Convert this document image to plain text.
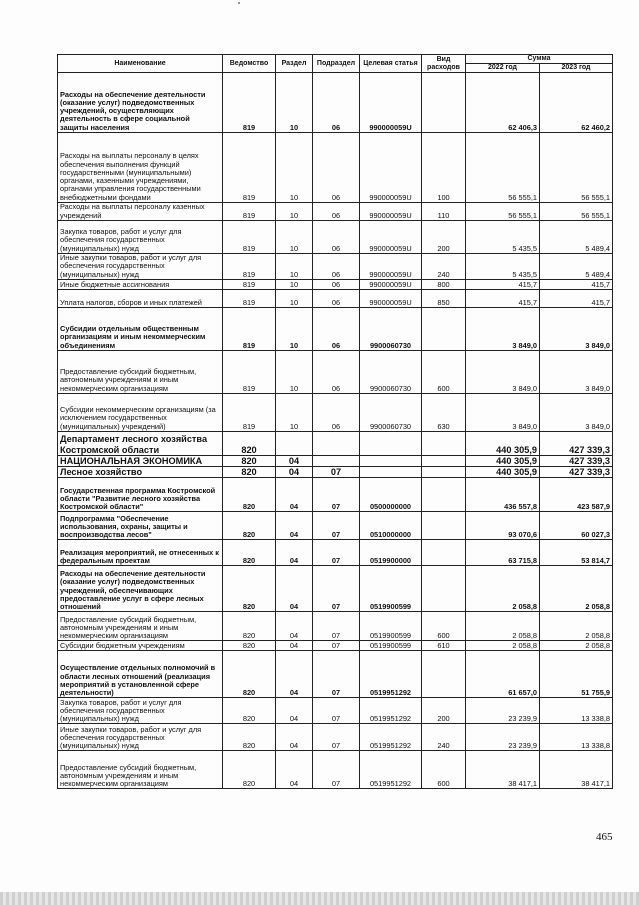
Наименование	Ведомство	Раздел	Подраздел	Целевая статья	Вид расходов	Сумма	
						2022 год	2023 год
Расходы на обеспечение деятельности (оказание услуг) подведомственных учреждений, осуществляющих деятельность в сфере социальной защиты населения	819	10	06	990000059U		62 406,3	62 460,2
Расходы на выплаты персоналу в целях обеспечения выполнения функций государственными (муниципальными) органами, казенными учреждениями, органами управления государственными внебюджетными фондами	819	10	06	990000059U	100	56 555,1	56 555,1
Расходы на выплаты персоналу казенных учреждений	819	10	06	990000059U	110	56 555,1	56 555,1
Закупка товаров, работ и услуг для обеспечения государственных (муниципальных) нужд	819	10	06	990000059U	200	5 435,5	5 489,4
Иные закупки товаров, работ и услуг для обеспечения государственных (муниципальных) нужд	819	10	06	990000059U	240	5 435,5	5 489,4
Иные бюджетные ассигнования	819	10	06	990000059U	800	415,7	415,7
Уплата налогов, сборов и иных платежей	819	10	06	990000059U	850	415,7	415,7
Субсидии отдельным общественным организациям и иным некоммерческим объединениям	819	10	06	9900060730		3 849,0	3 849,0
Предоставление субсидий бюджетным, автономным учреждениям и иным некоммерческим организациям	819	10	06	9900060730	600	3 849,0	3 849,0
Субсидии некоммерческим организациям (за исключением государственных (муниципальных) учреждений)	819	10	06	9900060730	630	3 849,0	3 849,0
Департамент лесного хозяйства Костромской области	820					440 305,9	427 339,3
НАЦИОНАЛЬНАЯ ЭКОНОМИКА	820	04				440 305,9	427 339,3
Лесное хозяйство	820	04	07			440 305,9	427 339,3
Государственная программа Костромской области "Развитие лесного хозяйства Костромской области"	820	04	07	0500000000		436 557,8	423 587,9
Подпрограмма "Обеспечение использования, охраны, защиты и воспроизводства лесов"	820	04	07	0510000000		93 070,6	60 027,3
Реализация мероприятий, не отнесенных к федеральным проектам	820	04	07	0519900000		63 715,8	53 814,7
Расходы на обеспечение деятельности (оказание услуг) подведомственных учреждений, обеспечивающих предоставление услуг в сфере лесных отношений	820	04	07	0519900599		2 058,8	2 058,8
Предоставление субсидий бюджетным, автономным учреждениям и иным некоммерческим организациям	820	04	07	0519900599	600	2 058,8	2 058,8
Субсидии бюджетным учреждениям	820	04	07	0519900599	610	2 058,8	2 058,8
Осуществление отдельных полномочий в области лесных отношений (реализация мероприятий в установленной сфере деятельности)	820	04	07	0519951292		61 657,0	51 755,9
Закупка товаров, работ и услуг для обеспечения государственных (муниципальных) нужд	820	04	07	0519951292	200	23 239,9	13 338,8
Иные закупки товаров, работ и услуг для обеспечения государственных (муниципальных) нужд	820	04	07	0519951292	240	23 239,9	13 338,8
Предоставление субсидий бюджетным, автономным учреждениям и иным некоммерческим организациям	820	04	07	0519951292	600	38 417,1	38 417,1
465
